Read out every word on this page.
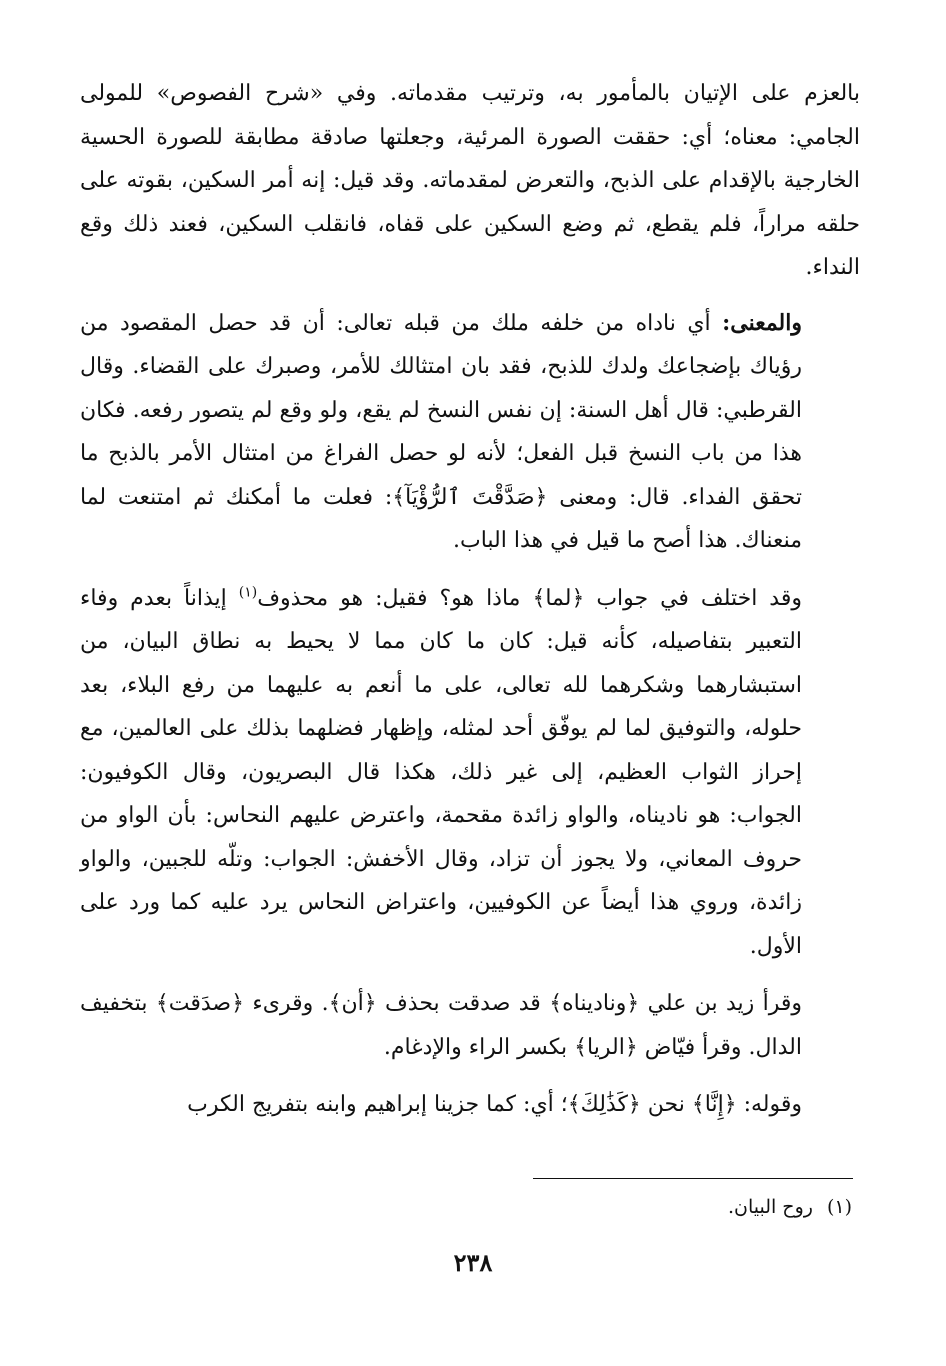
بالعزم على الإتيان بالمأمور به، وترتيب مقدماته. وفي «شرح الفصوص» للمولى الجامي: معناه؛ أي: حققت الصورة المرئية، وجعلتها صادقة مطابقة للصورة الحسية الخارجية بالإقدام على الذبح، والتعرض لمقدماته. وقد قيل: إنه أمر السكين، بقوته على حلقه مراراً، فلم يقطع، ثم وضع السكين على قفاه، فانقلب السكين، فعند ذلك وقع النداء.

والمعنى: أي ناداه من خلفه ملك من قبله تعالى: أن قد حصل المقصود من رؤياك بإضجاعك ولدك للذبح، فقد بان امتثالك للأمر، وصبرك على القضاء. وقال القرطبي: قال أهل السنة: إن نفس النسخ لم يقع، ولو وقع لم يتصور رفعه. فكان هذا من باب النسخ قبل الفعل؛ لأنه لو حصل الفراغ من امتثال الأمر بالذبح ما تحقق الفداء. قال: ومعنى ﴿صَدَّقْتَ ٱلرُّؤْيَآ﴾: فعلت ما أمكنك ثم امتنعت لما منعناك. هذا أصح ما قيل في هذا الباب.

وقد اختلف في جواب ﴿لما﴾ ماذا هو؟ فقيل: هو محذوف$^{(١)}$ إيذاناً بعدم وفاء التعبير بتفاصيله، كأنه قيل: كان ما كان مما لا يحيط به نطاق البيان، من استبشارهما وشكرهما لله تعالى، على ما أنعم به عليهما من رفع البلاء، بعد حلوله، والتوفيق لما لم يوفّق أحد لمثله، وإظهار فضلهما بذلك على العالمين، مع إحراز الثواب العظيم، إلى غير ذلك، هكذا قال البصريون، وقال الكوفيون: الجواب: هو ناديناه، والواو زائدة مقحمة، واعترض عليهم النحاس: بأن الواو من حروف المعاني، ولا يجوز أن تزاد، وقال الأخفش: الجواب: وتلّه للجبين، والواو زائدة، وروي هذا أيضاً عن الكوفيين، واعتراض النحاس يرد عليه كما ورد على الأول.

وقرأ زيد بن علي ﴿وناديناه﴾ قد صدقت بحذف ﴿أن﴾. وقرىء ﴿صدَقت﴾ بتخفيف الدال. وقرأ فيّاض ﴿الريا﴾ بكسر الراء والإدغام.

وقوله: ﴿إِنَّا﴾ نحن ﴿كَذَٰلِكَ﴾؛ أي: كما جزينا إبراهيم وابنه بتفريج الكرب

(١)روح البيان.
٢٣٨
